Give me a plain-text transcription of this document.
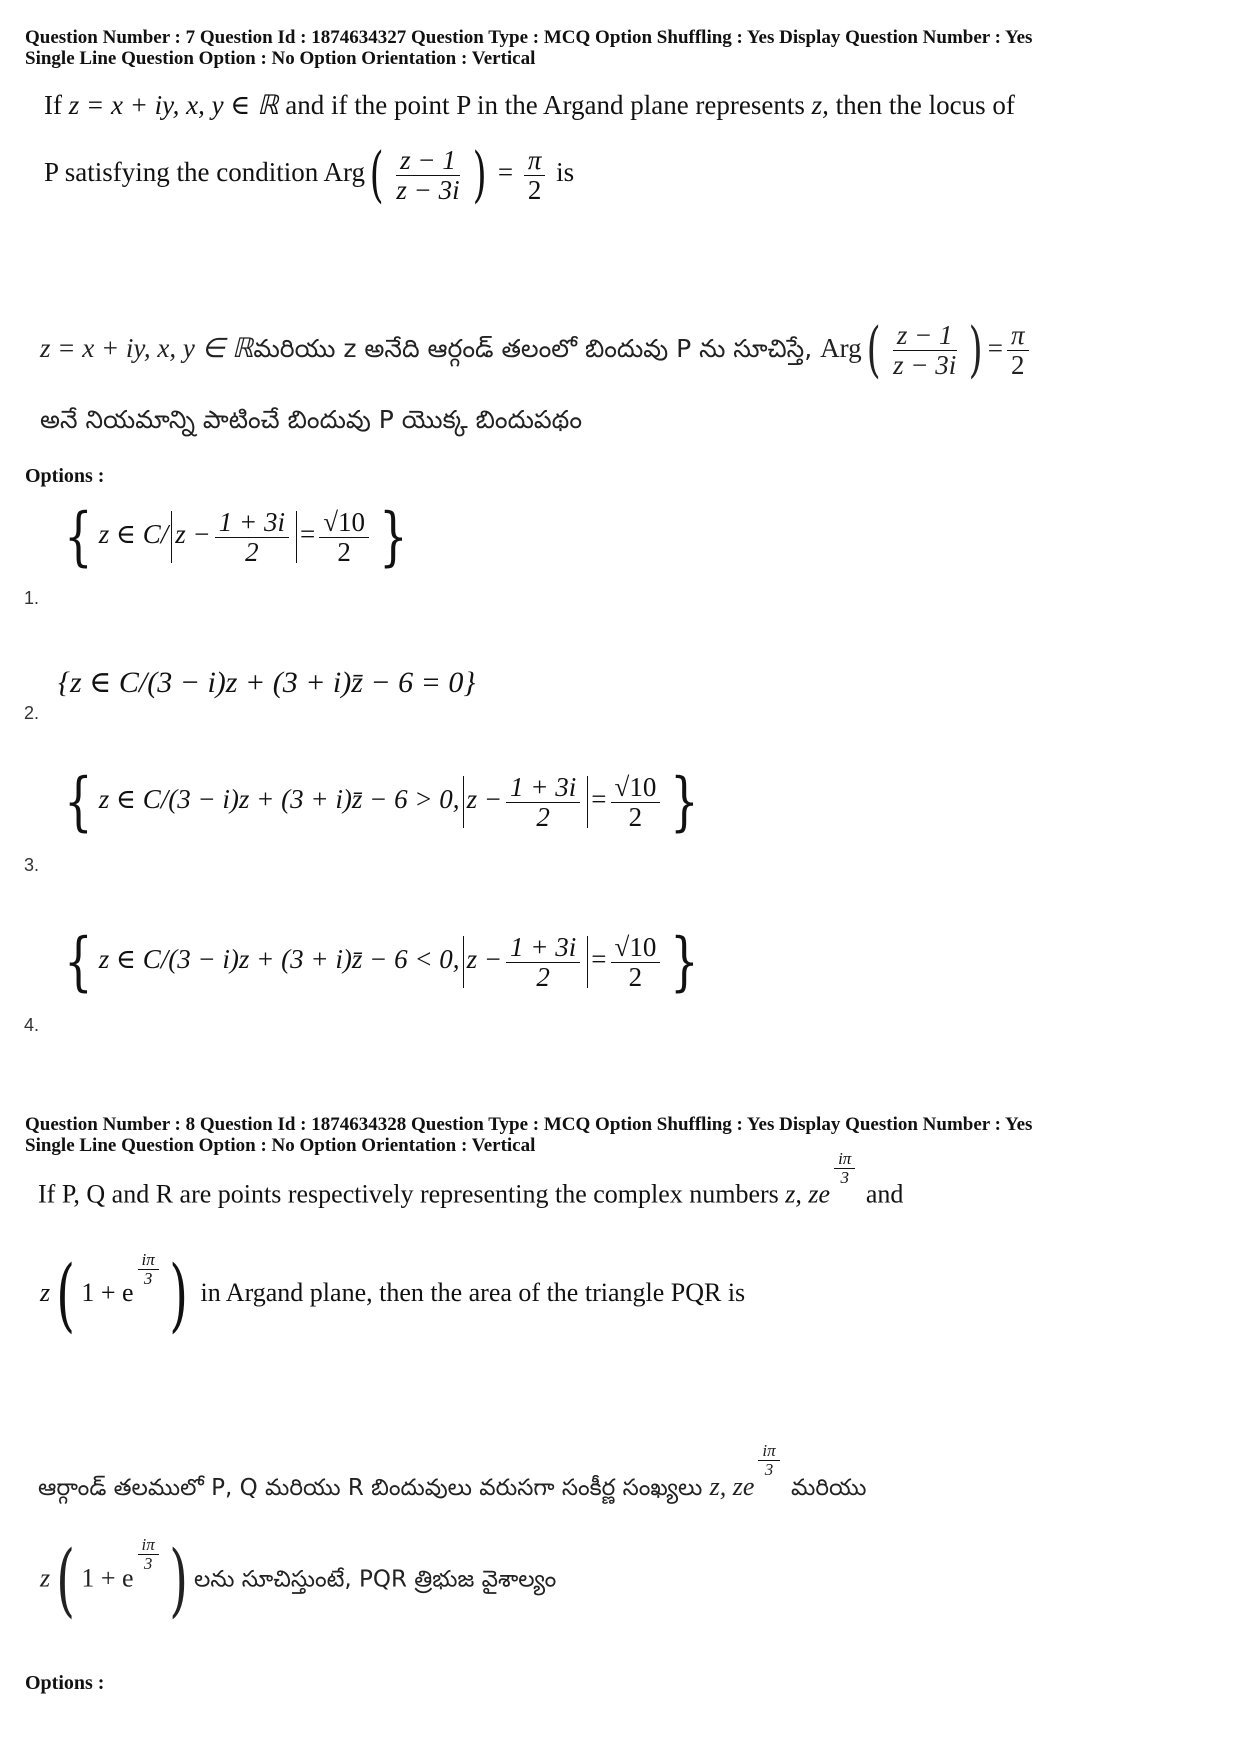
Question Number : 7 Question Id : 1874634327 Question Type : MCQ Option Shuffling : Yes Display Question Number : Yes
Single Line Question Option : No Option Orientation : Vertical
If z = x + iy, x, y ∈ ℝ and if the point P in the Argand plane represents z, then the locus of
P satisfying the condition $Arg( \frac{z - 1}{z - 3i}$ ) = $\frac{\pi}{2}$ is
z = x + iy, x, y ∈ ℝమరియు z అనేది ఆర్గండ్ తలంలో బిందువు P ను సూచిస్తే, $Arg( \frac{z - 1}{z - 3i}$ ) = $\frac{\pi}{2}$
అనే నియమాన్ని పాటించే బిందువు P యొక్క బిందుపథం
Options :
{ z ∈ C/ $z - \frac{1 + 3i}{2} = \frac{√10}{2}$ }
1.
{z ∈ C/(3 − i)z + (3 + i)z̄ − 6 = 0}
2.
{ z ∈ C/(3 − i)z + (3 + i)z̄ − 6 > 0, $z - \frac{1 + 3i}{2} = \frac{√10}{2}$ }
3.
{ z ∈ C/(3 − i)z + (3 + i)z̄ − 6 < 0, $z - \frac{1 + 3i}{2} = \frac{√10}{2}$ }
4.
Question Number : 8 Question Id : 1874634328 Question Type : MCQ Option Shuffling : Yes Display Question Number : Yes
Single Line Question Option : No Option Orientation : Vertical
If P, Q and R are points respectively representing the complex numbers z, ze
$\frac{i\pi}{3}$
and
z( 1 + e
$\frac{i\pi}{3}$ ) in Argand plane, then the area of the triangle PQR is
ఆర్గాండ్ తలములో P, Q మరియు R బిందువులు వరుసగా సంకీర్ణ సంఖ్యలు z, ze
$\frac{i\pi}{3}$
మరియు
z( 1 + e
$\frac{i\pi}{3}$ ) లను సూచిస్తుంటే, PQR త్రిభుజ వైశాల్యం
Options :
